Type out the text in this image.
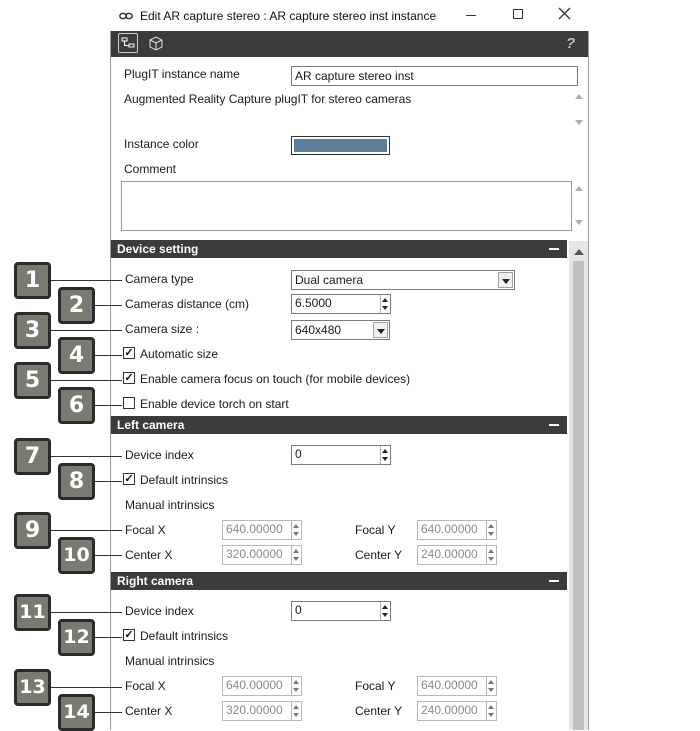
Edit AR capture stereo : AR capture stereo inst instance
?
PlugIT instance name	AR capture stereo inst
Augmented Reality Capture plugIT for stereo cameras
Instance color
Comment
Device setting
Camera type	Dual camera
Cameras distance (cm)	6.5000
Camera size :	640x480
✓ Automatic size
✓ Enable camera focus on touch (for mobile devices)
Enable device torch on start
Left camera
Device index	0
✓ Default intrinsics
Manual intrinsics
Focal X	640.00000	Focal Y 640.00000
Center X	320.00000	Center Y 240.00000
Right camera
Device index	0
✓ Default intrinsics
Manual intrinsics
Focal X	640.00000	Focal Y 640.00000
Center X	320.00000	Center Y 240.00000
1
2
3
4
5
6
7
8
9
10
11
12
13
14
